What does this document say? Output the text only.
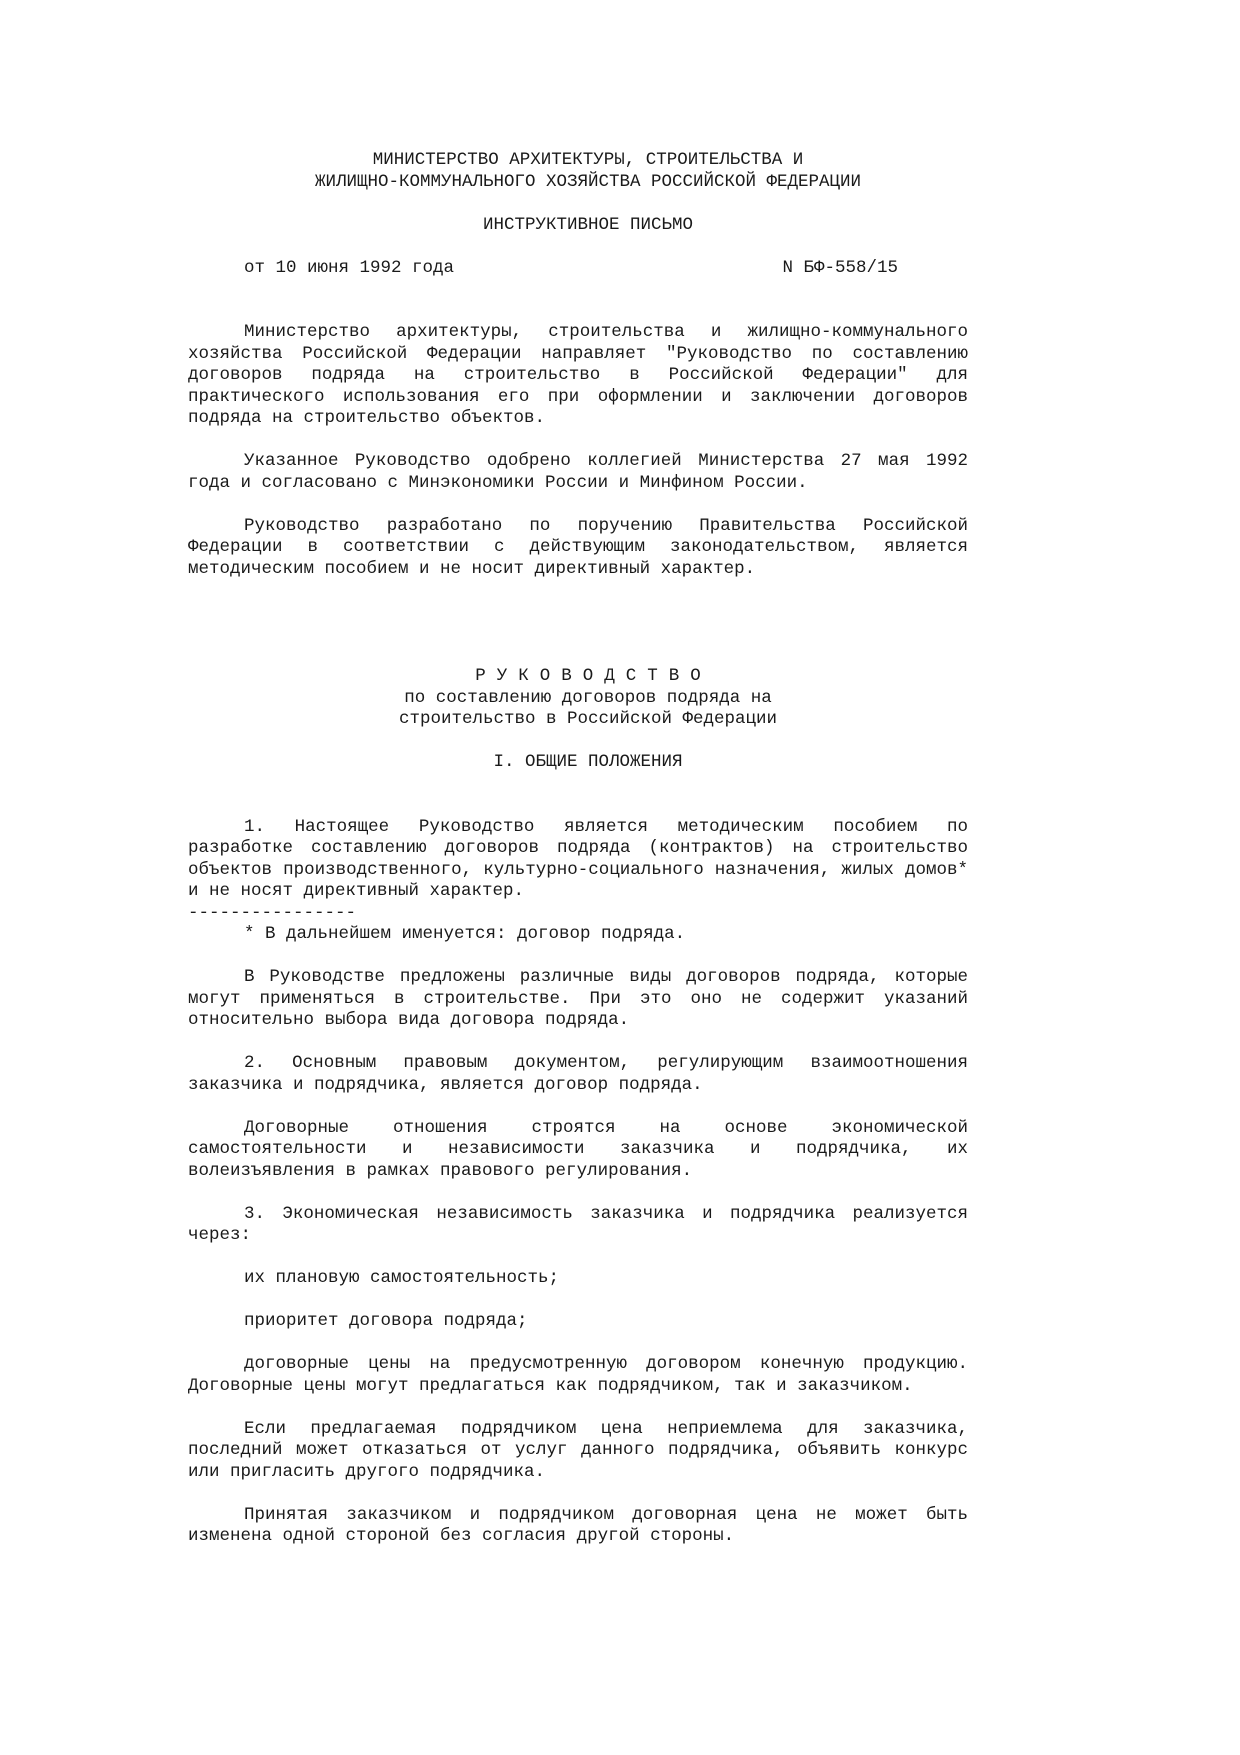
МИНИСТЕРСТВО АРХИТЕКТУРЫ, СТРОИТЕЛЬСТВА И
ЖИЛИЩНО-КОММУНАЛЬНОГО ХОЗЯЙСТВА РОССИЙСКОЙ ФЕДЕРАЦИИ
ИНСТРУКТИВНОЕ ПИСЬМО
от 10 июня 1992 года	N БФ-558/15

Министерство архитектуры, строительства и жилищно-коммунального хозяйства Российской Федерации направляет "Руководство по составлению договоров подряда на строительство в Российской Федерации" для практического использования его при оформлении и заключении договоров подряда на строительство объектов.

Указанное Руководство одобрено коллегией Министерства 27 мая 1992 года и согласовано с Минэкономики России и Минфином России.

Руководство разработано по поручению Правительства Российской Федерации в соответствии с действующим законодательством, является методическим пособием и не носит директивный характер.

РУКОВОДСТВО
по составлению договоров подряда на
строительство в Российской Федерации
I. ОБЩИЕ ПОЛОЖЕНИЯ

1. Настоящее Руководство является методическим пособием по разработке составлению договоров подряда (контрактов) на строительство объектов производственного, культурно-социального назначения, жилых домов* и не носят директивный характер.

----------------

* В дальнейшем именуется: договор подряда.

В Руководстве предложены различные виды договоров подряда, которые могут применяться в строительстве. При это оно не содержит указаний относительно выбора вида договора подряда.

2. Основным правовым документом, регулирующим взаимоотношения заказчика и подрядчика, является договор подряда.

Договорные отношения строятся на основе экономической самостоятельности и независимости заказчика и подрядчика, их волеизъявления в рамках правового регулирования.

3. Экономическая независимость заказчика и подрядчика реализуется через:

их плановую самостоятельность;

приоритет договора подряда;

договорные цены на предусмотренную договором конечную продукцию. Договорные цены могут предлагаться как подрядчиком, так и заказчиком.

Если предлагаемая подрядчиком цена неприемлема для заказчика, последний может отказаться от услуг данного подрядчика, объявить конкурс или пригласить другого подрядчика.

Принятая заказчиком и подрядчиком договорная цена не может быть изменена одной стороной без согласия другой стороны.
